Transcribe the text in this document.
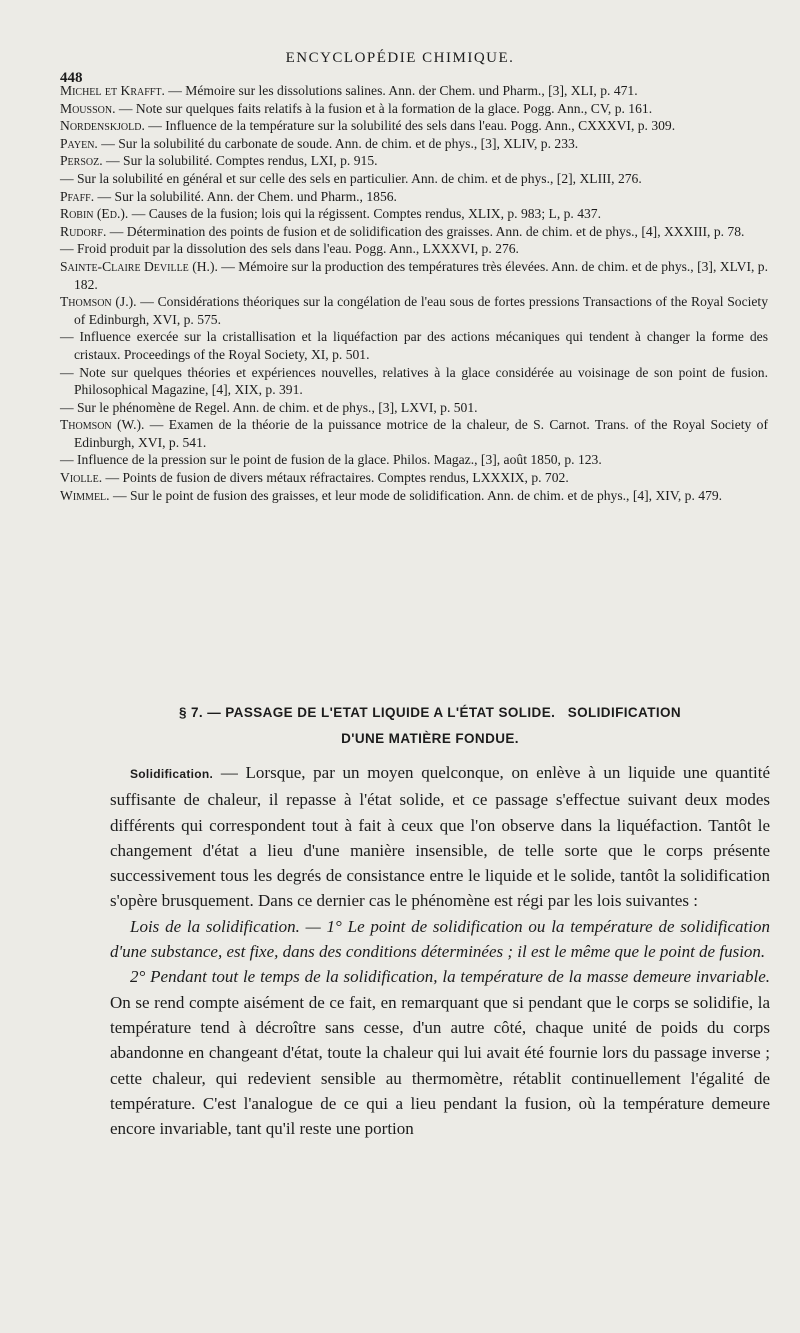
ENCYCLOPÉDIE CHIMIQUE.
448

Michel et Krafft. — Mémoire sur les dissolutions salines. Ann. der Chem. und Pharm., [3], XLI, p. 471.

Mousson. — Note sur quelques faits relatifs à la fusion et à la formation de la glace. Pogg. Ann., CV, p. 161.

Nordenskjold. — Influence de la température sur la solubilité des sels dans l'eau. Pogg. Ann., CXXXVI, p. 309.

Payen. — Sur la solubilité du carbonate de soude. Ann. de chim. et de phys., [3], XLIV, p. 233.

Persoz. — Sur la solubilité. Comptes rendus, LXI, p. 915.

— Sur la solubilité en général et sur celle des sels en particulier. Ann. de chim. et de phys., [2], XLIII, 276.

Pfaff. — Sur la solubilité. Ann. der Chem. und Pharm., 1856.

Robin (Ed.). — Causes de la fusion; lois qui la régissent. Comptes rendus, XLIX, p. 983; L, p. 437.

Rudorf. — Détermination des points de fusion et de solidification des graisses. Ann. de chim. et de phys., [4], XXXIII, p. 78.

— Froid produit par la dissolution des sels dans l'eau. Pogg. Ann., LXXXVI, p. 276.

Sainte-Claire Deville (H.). — Mémoire sur la production des températures très élevées. Ann. de chim. et de phys., [3], XLVI, p. 182.

Thomson (J.). — Considérations théoriques sur la congélation de l'eau sous de fortes pressions Transactions of the Royal Society of Edinburgh, XVI, p. 575.

— Influence exercée sur la cristallisation et la liquéfaction par des actions mécaniques qui tendent à changer la forme des cristaux. Proceedings of the Royal Society, XI, p. 501.

— Note sur quelques théories et expériences nouvelles, relatives à la glace considérée au voisinage de son point de fusion. Philosophical Magazine, [4], XIX, p. 391.

— Sur le phénomène de Regel. Ann. de chim. et de phys., [3], LXVI, p. 501.

Thomson (W.). — Examen de la théorie de la puissance motrice de la chaleur, de S. Carnot. Trans. of the Royal Society of Edinburgh, XVI, p. 541.

— Influence de la pression sur le point de fusion de la glace. Philos. Magaz., [3], août 1850, p. 123.

Violle. — Points de fusion de divers métaux réfractaires. Comptes rendus, LXXXIX, p. 702.

Wimmel. — Sur le point de fusion des graisses, et leur mode de solidification. Ann. de chim. et de phys., [4], XIV, p. 479.

§ 7. — PASSAGE DE L'ETAT LIQUIDE A L'ÉTAT SOLIDE.   SOLIDIFICATION
D'UNE MATIÈRE FONDUE.

Solidification. — Lorsque, par un moyen quelconque, on enlève à un liquide une quantité suffisante de chaleur, il repasse à l'état solide, et ce passage s'effectue suivant deux modes différents qui correspondent tout à fait à ceux que l'on observe dans la liquéfaction. Tantôt le changement d'état a lieu d'une manière insensible, de telle sorte que le corps présente successivement tous les degrés de consistance entre le liquide et le solide, tantôt la solidification s'opère brusquement. Dans ce dernier cas le phénomène est régi par les lois suivantes :

Lois de la solidification. — 1° Le point de solidification ou la température de solidification d'une substance, est fixe, dans des conditions déterminées ; il est le même que le point de fusion.

2° Pendant tout le temps de la solidification, la température de la masse demeure invariable. On se rend compte aisément de ce fait, en remarquant que si pendant que le corps se solidifie, la température tend à décroître sans cesse, d'un autre côté, chaque unité de poids du corps abandonne en changeant d'état, toute la chaleur qui lui avait été fournie lors du passage inverse ; cette chaleur, qui redevient sensible au thermomètre, rétablit continuellement l'égalité de température. C'est l'analogue de ce qui a lieu pendant la fusion, où la température demeure encore invariable, tant qu'il reste une portion
